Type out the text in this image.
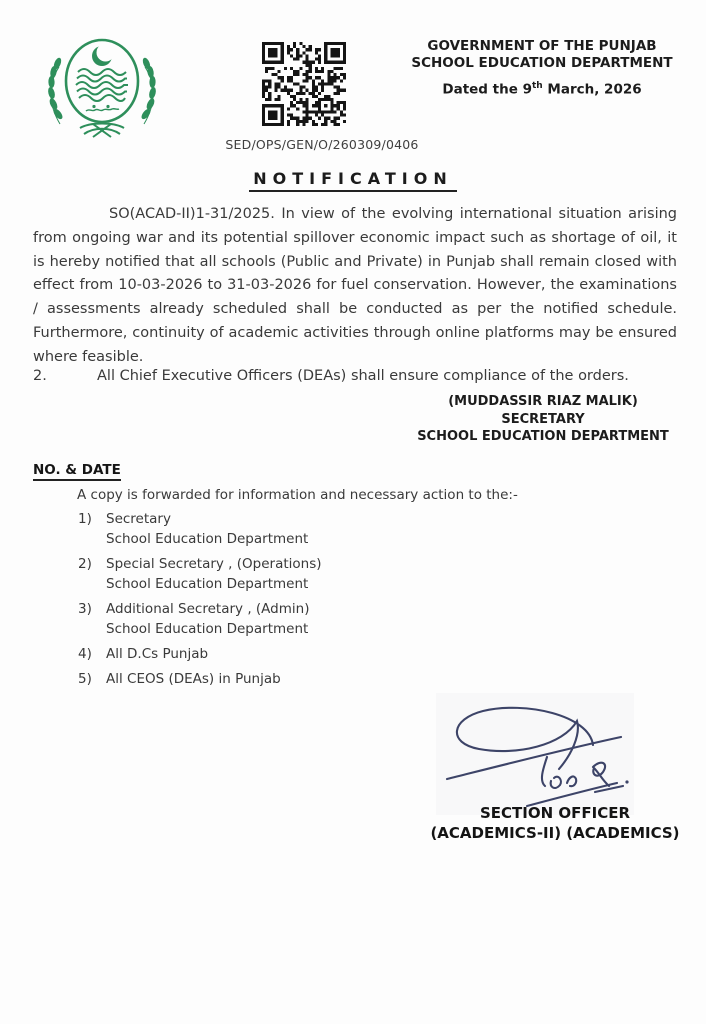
SED/OPS/GEN/O/260309/0406
GOVERNMENT OF THE PUNJAB
SCHOOL EDUCATION DEPARTMENT
Dated the 9th March, 2026
NOTIFICATION
SO(ACAD-II)1-31/2025. In view of the evolving international situation arising from ongoing war and its potential spillover economic impact such as shortage of oil, it is hereby notified that all schools (Public and Private) in Punjab shall remain closed with effect from 10-03-2026 to 31-03-2026 for fuel conservation. However, the examinations / assessments already scheduled shall be conducted as per the notified schedule. Furthermore, continuity of academic activities through online platforms may be ensured where feasible.
2.	All Chief Executive Officers (DEAs) shall ensure compliance of the orders.
(MUDDASSIR RIAZ MALIK)
SECRETARY
SCHOOL EDUCATION DEPARTMENT
NO. & DATE
A copy is forwarded for information and necessary action to the:-
1)	Secretary
School Education Department
2)	Special Secretary , (Operations)
School Education Department
3)	Additional Secretary , (Admin)
School Education Department
4)	All D.Cs Punjab
5)	All CEOS (DEAs) in Punjab
SECTION OFFICER
(ACADEMICS-II) (ACADEMICS)
